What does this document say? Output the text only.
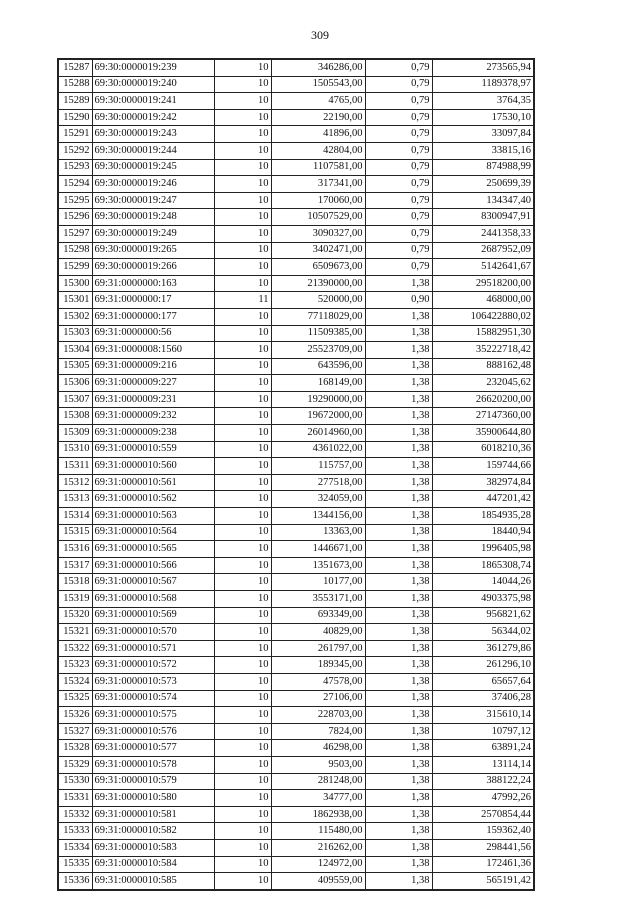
309
15287	69:30:0000019:239	10	346286,00	0,79	273565,94
15288	69:30:0000019:240	10	1505543,00	0,79	1189378,97
15289	69:30:0000019:241	10	4765,00	0,79	3764,35
15290	69:30:0000019:242	10	22190,00	0,79	17530,10
15291	69:30:0000019:243	10	41896,00	0,79	33097,84
15292	69:30:0000019:244	10	42804,00	0,79	33815,16
15293	69:30:0000019:245	10	1107581,00	0,79	874988,99
15294	69:30:0000019:246	10	317341,00	0,79	250699,39
15295	69:30:0000019:247	10	170060,00	0,79	134347,40
15296	69:30:0000019:248	10	10507529,00	0,79	8300947,91
15297	69:30:0000019:249	10	3090327,00	0,79	2441358,33
15298	69:30:0000019:265	10	3402471,00	0,79	2687952,09
15299	69:30:0000019:266	10	6509673,00	0,79	5142641,67
15300	69:31:0000000:163	10	21390000,00	1,38	29518200,00
15301	69:31:0000000:17	11	520000,00	0,90	468000,00
15302	69:31:0000000:177	10	77118029,00	1,38	106422880,02
15303	69:31:0000000:56	10	11509385,00	1,38	15882951,30
15304	69:31:0000008:1560	10	25523709,00	1,38	35222718,42
15305	69:31:0000009:216	10	643596,00	1,38	888162,48
15306	69:31:0000009:227	10	168149,00	1,38	232045,62
15307	69:31:0000009:231	10	19290000,00	1,38	26620200,00
15308	69:31:0000009:232	10	19672000,00	1,38	27147360,00
15309	69:31:0000009:238	10	26014960,00	1,38	35900644,80
15310	69:31:0000010:559	10	4361022,00	1,38	6018210,36
15311	69:31:0000010:560	10	115757,00	1,38	159744,66
15312	69:31:0000010:561	10	277518,00	1,38	382974,84
15313	69:31:0000010:562	10	324059,00	1,38	447201,42
15314	69:31:0000010:563	10	1344156,00	1,38	1854935,28
15315	69:31:0000010:564	10	13363,00	1,38	18440,94
15316	69:31:0000010:565	10	1446671,00	1,38	1996405,98
15317	69:31:0000010:566	10	1351673,00	1,38	1865308,74
15318	69:31:0000010:567	10	10177,00	1,38	14044,26
15319	69:31:0000010:568	10	3553171,00	1,38	4903375,98
15320	69:31:0000010:569	10	693349,00	1,38	956821,62
15321	69:31:0000010:570	10	40829,00	1,38	56344,02
15322	69:31:0000010:571	10	261797,00	1,38	361279,86
15323	69:31:0000010:572	10	189345,00	1,38	261296,10
15324	69:31:0000010:573	10	47578,00	1,38	65657,64
15325	69:31:0000010:574	10	27106,00	1,38	37406,28
15326	69:31:0000010:575	10	228703,00	1,38	315610,14
15327	69:31:0000010:576	10	7824,00	1,38	10797,12
15328	69:31:0000010:577	10	46298,00	1,38	63891,24
15329	69:31:0000010:578	10	9503,00	1,38	13114,14
15330	69:31:0000010:579	10	281248,00	1,38	388122,24
15331	69:31:0000010:580	10	34777,00	1,38	47992,26
15332	69:31:0000010:581	10	1862938,00	1,38	2570854,44
15333	69:31:0000010:582	10	115480,00	1,38	159362,40
15334	69:31:0000010:583	10	216262,00	1,38	298441,56
15335	69:31:0000010:584	10	124972,00	1,38	172461,36
15336	69:31:0000010:585	10	409559,00	1,38	565191,42
